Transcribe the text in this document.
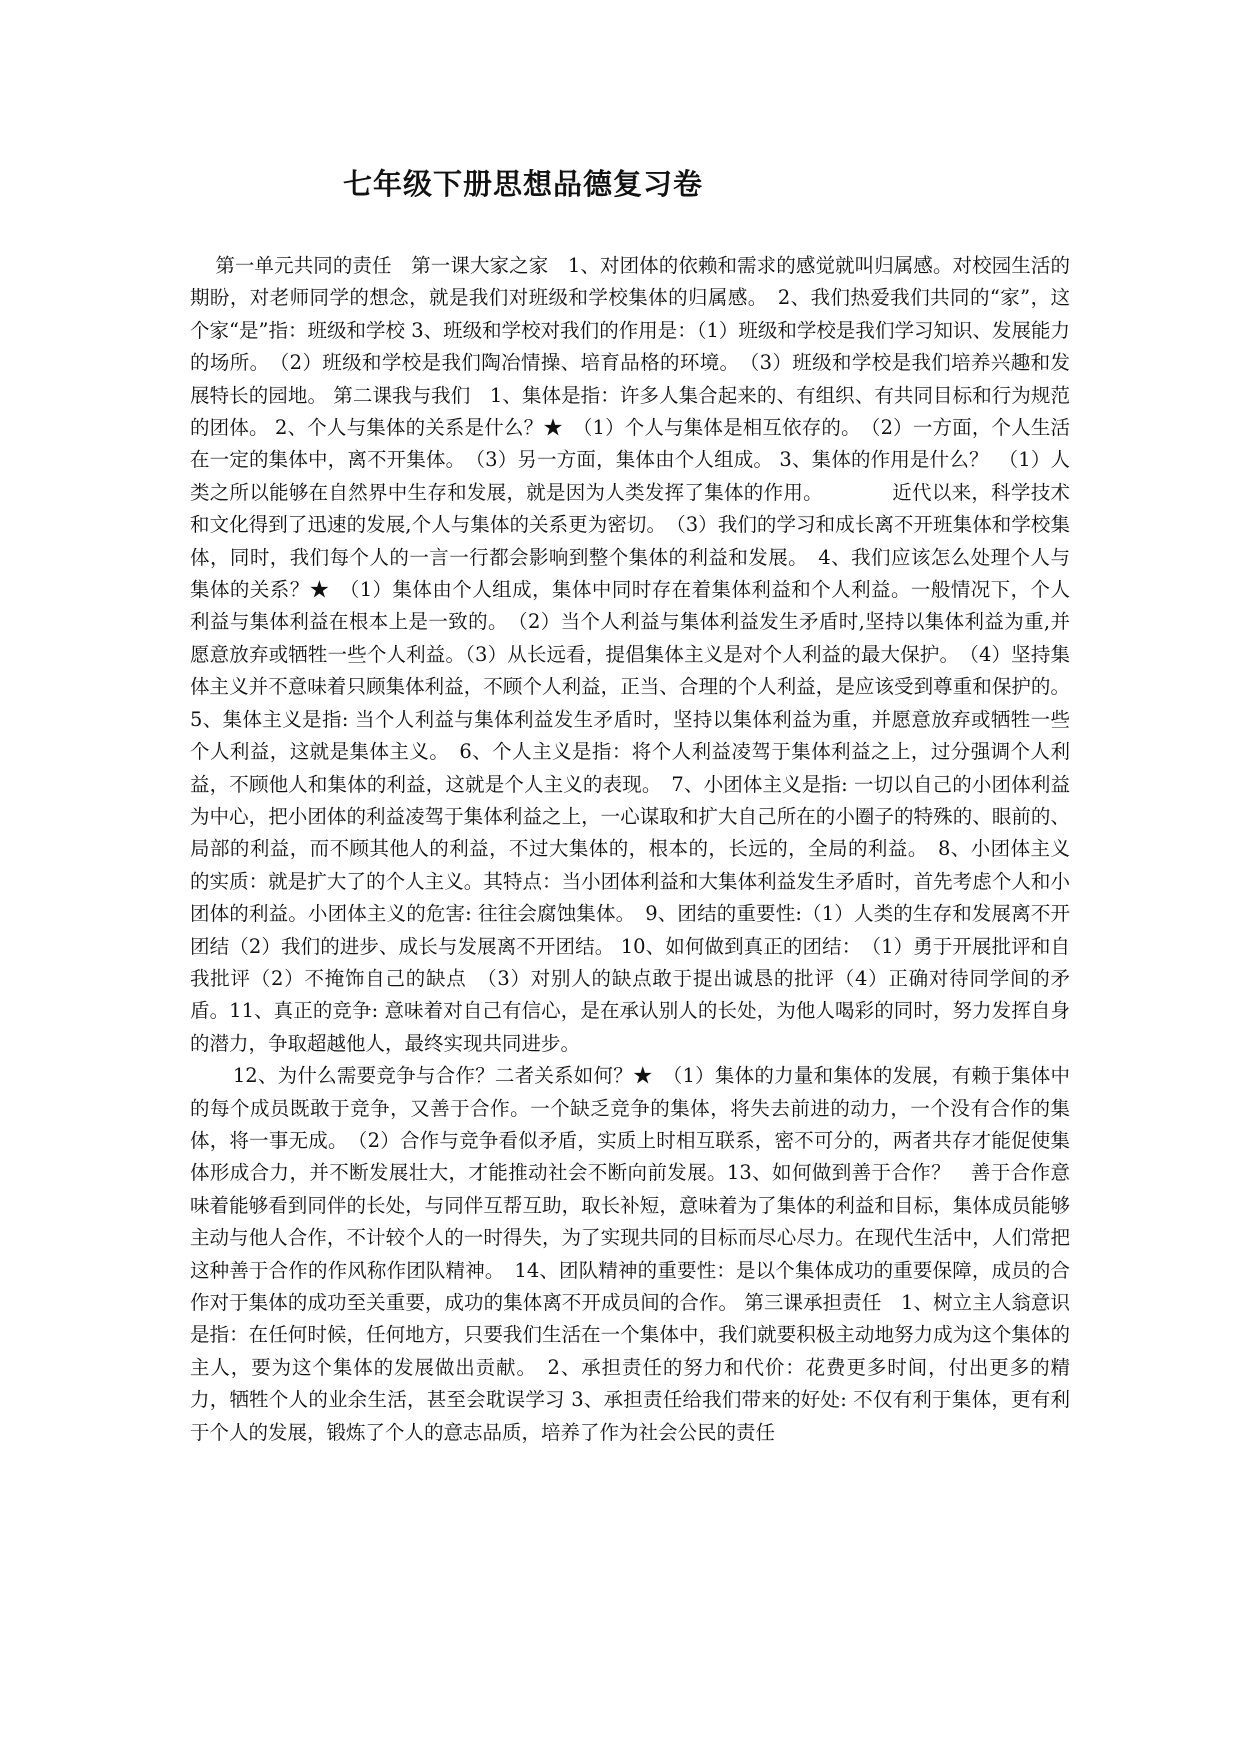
七年级下册思想品德复习卷

第一单元共同的责任　第一课大家之家　1、对团体的依赖和需求的感觉就叫归属感。对校园生活的期盼，对老师同学的想念，就是我们对班级和学校集体的归属感。　2、我们热爱我们共同的“家”，这个家“是”指：班级和学校 3、班级和学校对我们的作用是：（1）班级和学校是我们学习知识、发展能力的场所。　（2）班级和学校是我们陶冶情操、培育品格的环境。　（3）班级和学校是我们培养兴趣和发展特长的园地。 第二课我与我们　1、集体是指：许多人集合起来的、有组织、有共同目标和行为规范的团体。 2、个人与集体的关系是什么？★　（1）个人与集体是相互依存的。　（2）一方面，个人生活在一定的集体中，离不开集体。　（3）另一方面，集体由个人组成。 3、集体的作用是什么？　（1）人类之所以能够在自然界中生存和发展，就是因为人类发挥了集体的作用。　　　　近代以来，科学技术和文化得到了迅速的发展,个人与集体的关系更为密切。　（3）我们的学习和成长离不开班集体和学校集体，同时，我们每个人的一言一行都会影响到整个集体的利益和发展。　4、我们应该怎么处理个人与集体的关系？★　（1）集体由个人组成，集体中同时存在着集体利益和个人利益。一般情况下，个人利益与集体利益在根本上是一致的。　（2）当个人利益与集体利益发生矛盾时,坚持以集体利益为重,并愿意放弃或牺牲一些个人利益。（3）从长远看，提倡集体主义是对个人利益的最大保护。　（4）坚持集体主义并不意味着只顾集体利益，不顾个人利益，正当、合理的个人利益，是应该受到尊重和保护的。 5、集体主义是指: 当个人利益与集体利益发生矛盾时，坚持以集体利益为重，并愿意放弃或牺牲一些个人利益，这就是集体主义。　6、个人主义是指：将个人利益凌驾于集体利益之上，过分强调个人利益，不顾他人和集体的利益，这就是个人主义的表现。　7、小团体主义是指: 一切以自己的小团体利益为中心，把小团体的利益凌驾于集体利益之上，一心谋取和扩大自己所在的小圈子的特殊的、眼前的、局部的利益，而不顾其他人的利益，不过大集体的，根本的，长远的，全局的利益。　8、小团体主义的实质：就是扩大了的个人主义。其特点：当小团体利益和大集体利益发生矛盾时，首先考虑个人和小团体的利益。小团体主义的危害: 往往会腐蚀集体。　9、团结的重要性:（1）人类的生存和发展离不开团结（2）我们的进步、成长与发展离不开团结。 10、如何做到真正的团结：　（1）勇于开展批评和自我批评（2）不掩饰自己的缺点　（3）对别人的缺点敢于提出诚恳的批评（4）正确对待同学间的矛盾。11、真正的竞争: 意味着对自己有信心，是在承认别人的长处，为他人喝彩的同时，努力发挥自身的潜力，争取超越他人，最终实现共同进步。

12、为什么需要竞争与合作？二者关系如何？★　（1）集体的力量和集体的发展，有赖于集体中的每个成员既敢于竞争，又善于合作。一个缺乏竞争的集体，将失去前进的动力，一个没有合作的集体，将一事无成。　（2）合作与竞争看似矛盾，实质上时相互联系，密不可分的，两者共存才能促使集体形成合力，并不断发展壮大，才能推动社会不断向前发展。13、如何做到善于合作？　善于合作意味着能够看到同伴的长处，与同伴互帮互助，取长补短，意味着为了集体的利益和目标，集体成员能够主动与他人合作，不计较个人的一时得失，为了实现共同的目标而尽心尽力。在现代生活中，人们常把这种善于合作的作风称作团队精神。　14、团队精神的重要性：是以个集体成功的重要保障，成员的合作对于集体的成功至关重要，成功的集体离不开成员间的合作。 第三课承担责任　1、树立主人翁意识是指：在任何时候，任何地方，只要我们生活在一个集体中，我们就要积极主动地努力成为这个集体的主人，要为这个集体的发展做出贡献。　2、承担责任的努力和代价：花费更多时间，付出更多的精力，牺牲个人的业余生活，甚至会耽误学习 3、承担责任给我们带来的好处: 不仅有利于集体，更有利于个人的发展，锻炼了个人的意志品质，培养了作为社会公民的责任
